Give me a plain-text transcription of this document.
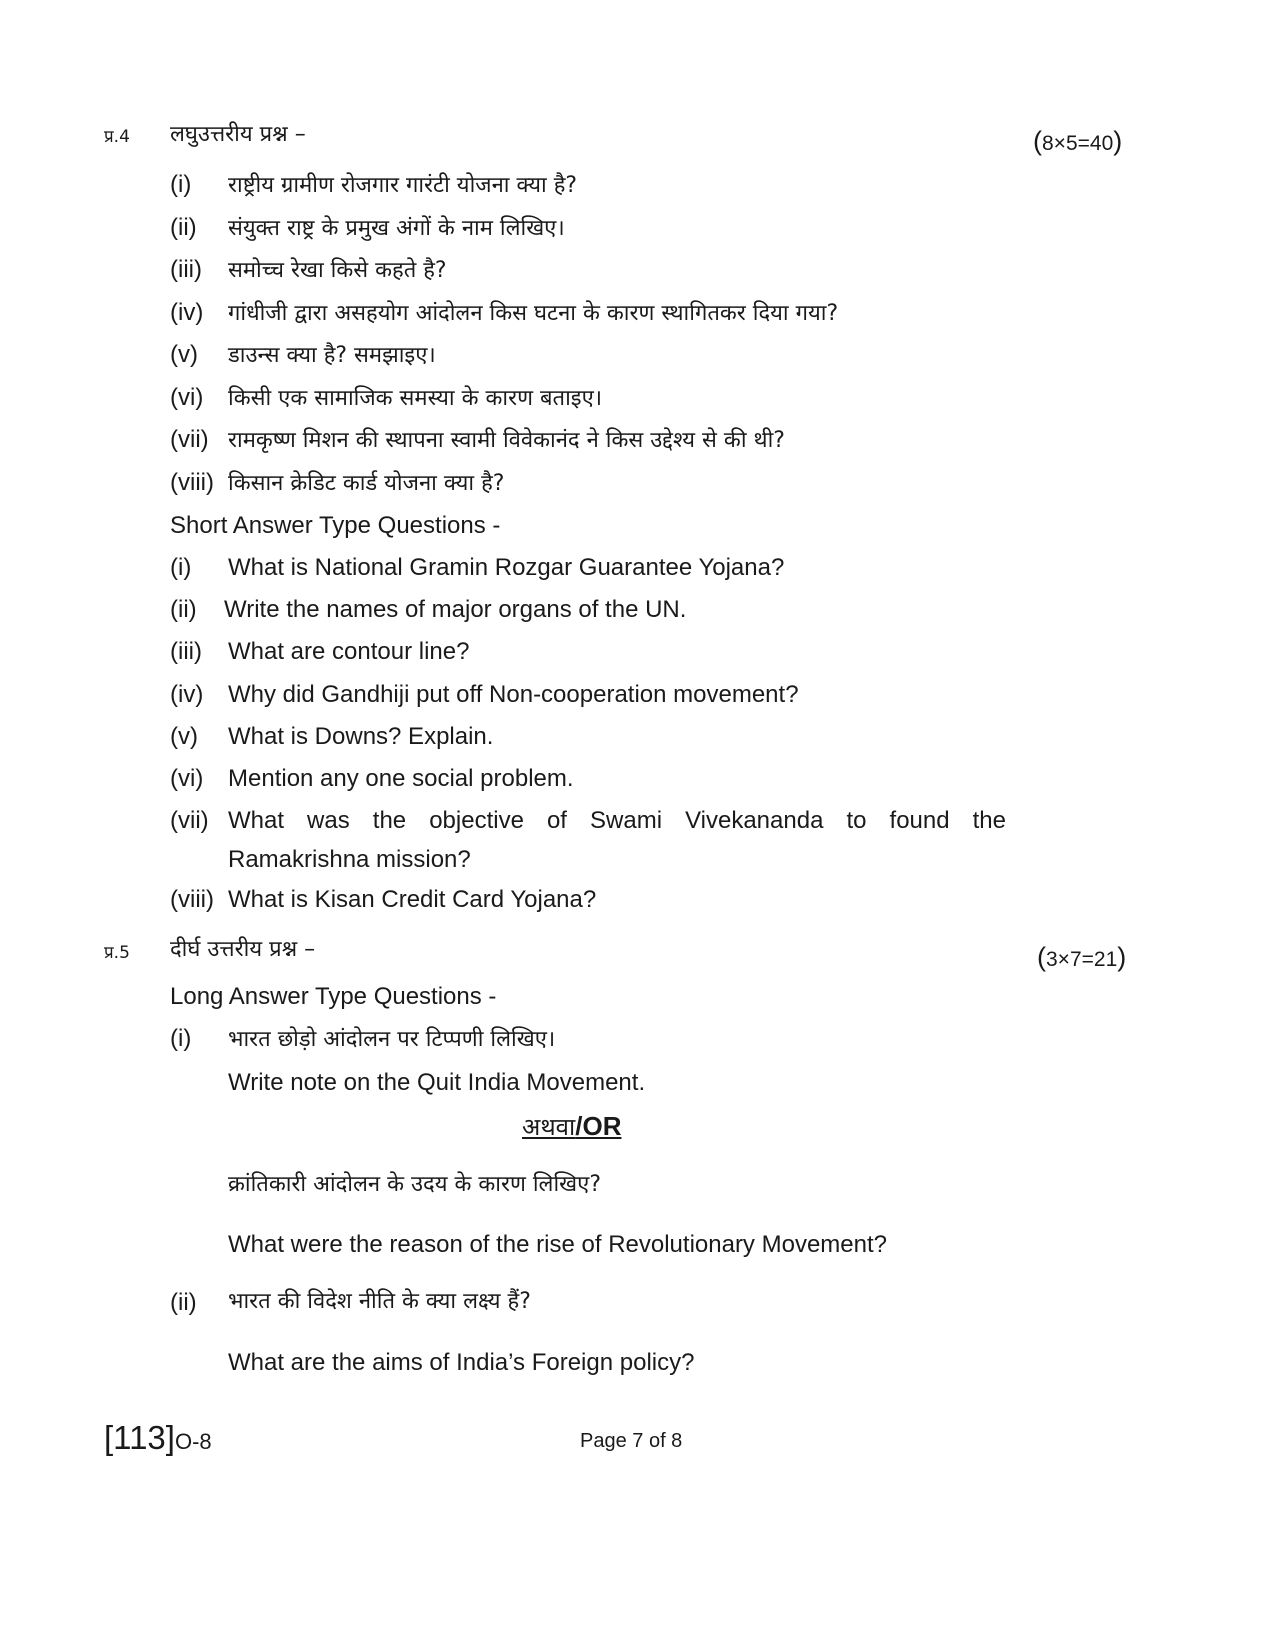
प्र.4 लघुउत्तरीय प्रश्न –	(8×5=40)
(i) राष्ट्रीय ग्रामीण रोजगार गारंटी योजना क्या है?
(ii) संयुक्त राष्ट्र के प्रमुख अंगों के नाम लिखिए।
(iii) समोच्च रेखा किसे कहते है?
(iv) गांधीजी द्वारा असहयोग आंदोलन किस घटना के कारण स्थागितकर दिया गया?
(v) डाउन्स क्या है? समझाइए।
(vi) किसी एक सामाजिक समस्या के कारण बताइए।
(vii) रामकृष्ण मिशन की स्थापना स्वामी विवेकानंद ने किस उद्देश्य से की थी?
(viii) किसान क्रेडिट कार्ड योजना क्या है?
Short Answer Type Questions -
(i) What is National Gramin Rozgar Guarantee Yojana?
(ii) Write the names of major organs of the UN.
(iii) What are contour line?
(iv) Why did Gandhiji put off Non-cooperation movement?
(v) What is Downs? Explain.
(vi) Mention any one social problem.
(vii) What was the objective of Swami Vivekananda to found the
Ramakrishna mission?
(viii) What is Kisan Credit Card Yojana?
प्र.5 दीर्घ उत्तरीय प्रश्न –	(3×7=21)
Long Answer Type Questions -
(i) भारत छोड़ो आंदोलन पर टिप्पणी लिखिए।
Write note on the Quit India Movement.
अथवा/OR
क्रांतिकारी आंदोलन के उदय के कारण लिखिए?
What were the reason of the rise of Revolutionary Movement?
(ii) भारत की विदेश नीति के क्या लक्ष्य हैं?
What are the aims of India’s Foreign policy?
[113]O-8	Page 7 of 8
